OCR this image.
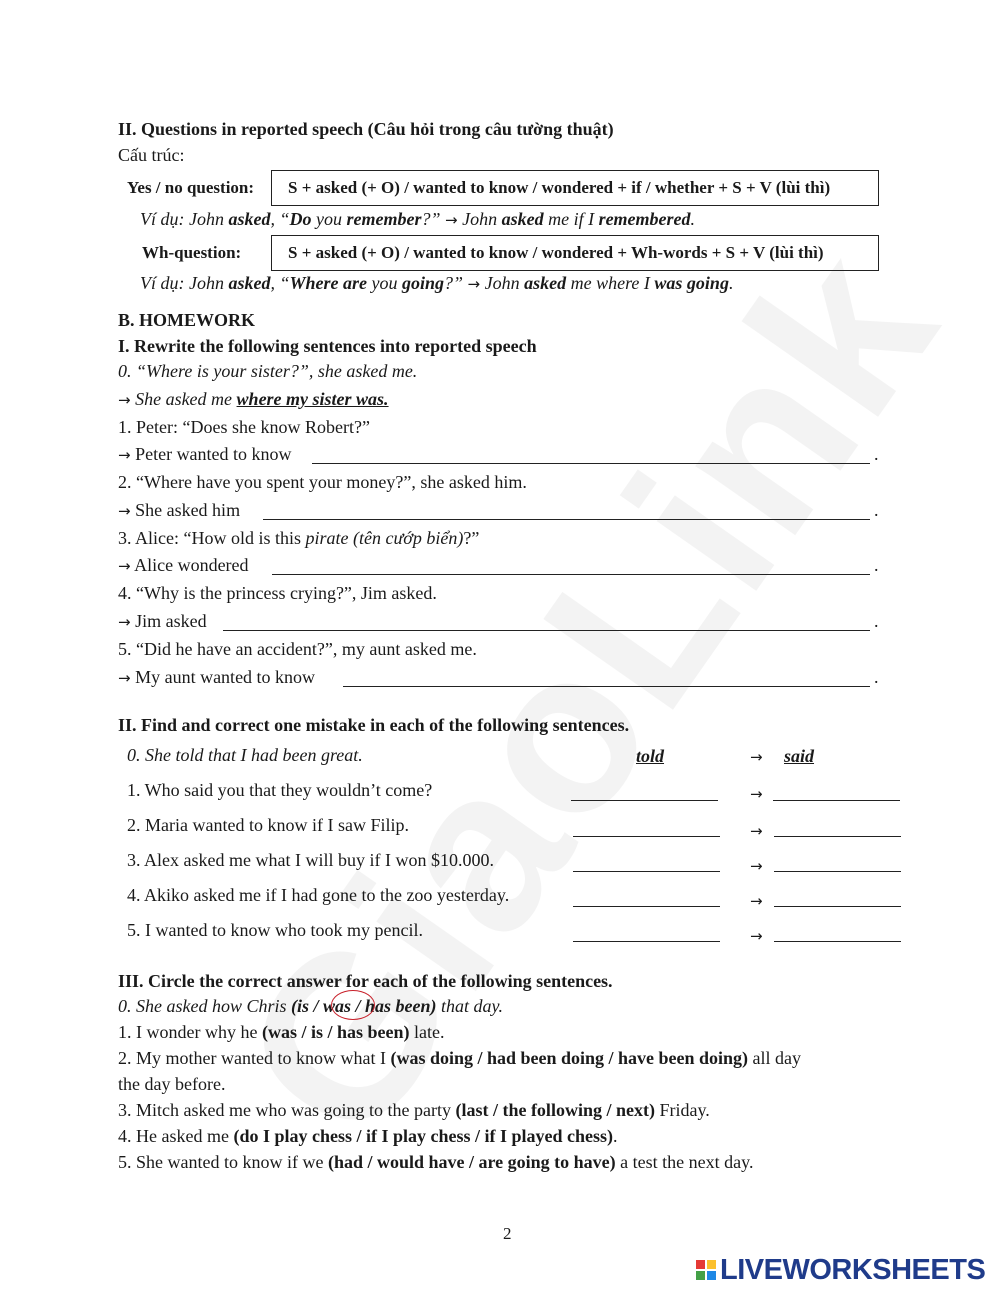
II. Questions in reported speech (Câu hỏi trong câu tường thuật)
Cấu trúc:
Yes / no question:	S + asked (+ O) / wanted to know / wondered + if / whether + S + V (lùi thì)
Ví dụ: John asked, “Do you remember?” → John asked me if I remembered.
Wh-question:	S + asked (+ O) / wanted to know / wondered + Wh-words + S + V (lùi thì)
Ví dụ: John asked, “Where are you going?” → John asked me where I was going.
B. HOMEWORK
I. Rewrite the following sentences into reported speech
0. “Where is your sister?”, she asked me.
→ She asked me where my sister was.
1. Peter: “Does she know Robert?”
→ Peter wanted to know	.
2. “Where have you spent your money?”, she asked him.
→ She asked him	.
3. Alice: “How old is this pirate (tên cướp biển)?”
→ Alice wondered	.
4. “Why is the princess crying?”, Jim asked.
→ Jim asked	.
5. “Did he have an accident?”, my aunt asked me.
→ My aunt wanted to know	.
II. Find and correct one mistake in each of the following sentences.
0. She told that I had been great.	told	→ said
1. Who said you that they wouldn’t come?	→
2. Maria wanted to know if I saw Filip.	→
3. Alex asked me what I will buy if I won $10.000.	→
4. Akiko asked me if I had gone to the zoo yesterday.	→
5. I wanted to know who took my pencil.	→
III. Circle the correct answer for each of the following sentences.
0. She asked how Chris (is / was / has been) that day.
1. I wonder why he (was / is / has been) late.
2. My mother wanted to know what I (was doing / had been doing / have been doing) all day
the day before.
3. Mitch asked me who was going to the party (last / the following / next) Friday.
4. He asked me (do I play chess / if I play chess / if I played chess).
5. She wanted to know if we (had / would have / are going to have) a test the next day.
2
LIVEWORKSHEETS
